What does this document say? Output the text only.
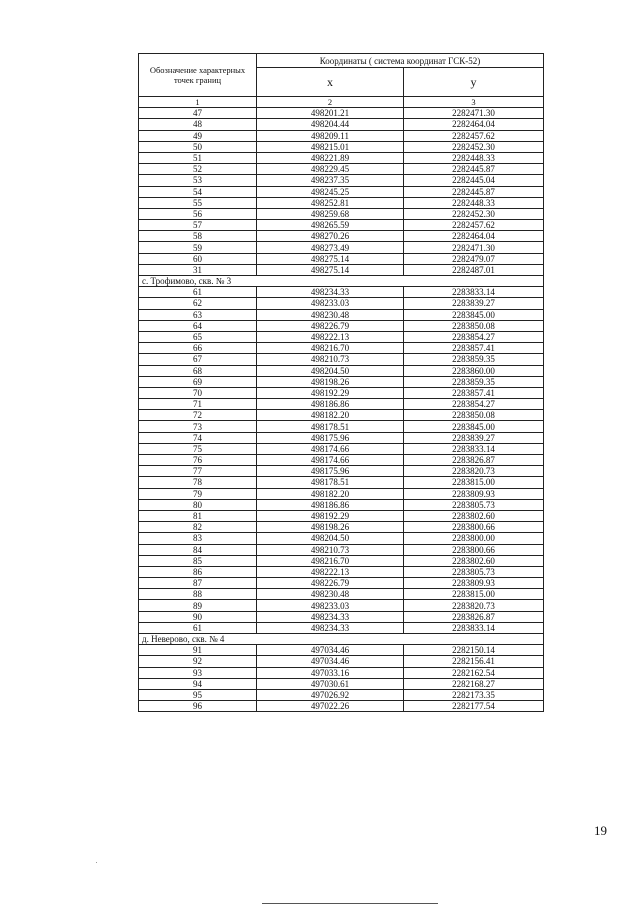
Обозначение характерных точек границ	Координаты ( система координат ГСК-52)	
	x	y
1	2	3
47	498201.21	2282471.30
48	498204.44	2282464.04
49	498209.11	2282457.62
50	498215.01	2282452.30
51	498221.89	2282448.33
52	498229.45	2282445.87
53	498237.35	2282445.04
54	498245.25	2282445.87
55	498252.81	2282448.33
56	498259.68	2282452.30
57	498265.59	2282457.62
58	498270.26	2282464.04
59	498273.49	2282471.30
60	498275.14	2282479.07
31	498275.14	2282487.01
с. Трофимово, скв. № 3		
61	498234.33	2283833.14
62	498233.03	2283839.27
63	498230.48	2283845.00
64	498226.79	2283850.08
65	498222.13	2283854.27
66	498216.70	2283857.41
67	498210.73	2283859.35
68	498204.50	2283860.00
69	498198.26	2283859.35
70	498192.29	2283857.41
71	498186.86	2283854.27
72	498182.20	2283850.08
73	498178.51	2283845.00
74	498175.96	2283839.27
75	498174.66	2283833.14
76	498174.66	2283826.87
77	498175.96	2283820.73
78	498178.51	2283815.00
79	498182.20	2283809.93
80	498186.86	2283805.73
81	498192.29	2283802.60
82	498198.26	2283800.66
83	498204.50	2283800.00
84	498210.73	2283800.66
85	498216.70	2283802.60
86	498222.13	2283805.73
87	498226.79	2283809.93
88	498230.48	2283815.00
89	498233.03	2283820.73
90	498234.33	2283826.87
61	498234.33	2283833.14
д. Неверово, скв. № 4		
91	497034.46	2282150.14
92	497034.46	2282156.41
93	497033.16	2282162.54
94	497030.61	2282168.27
95	497026.92	2282173.35
96	497022.26	2282177.54
19
